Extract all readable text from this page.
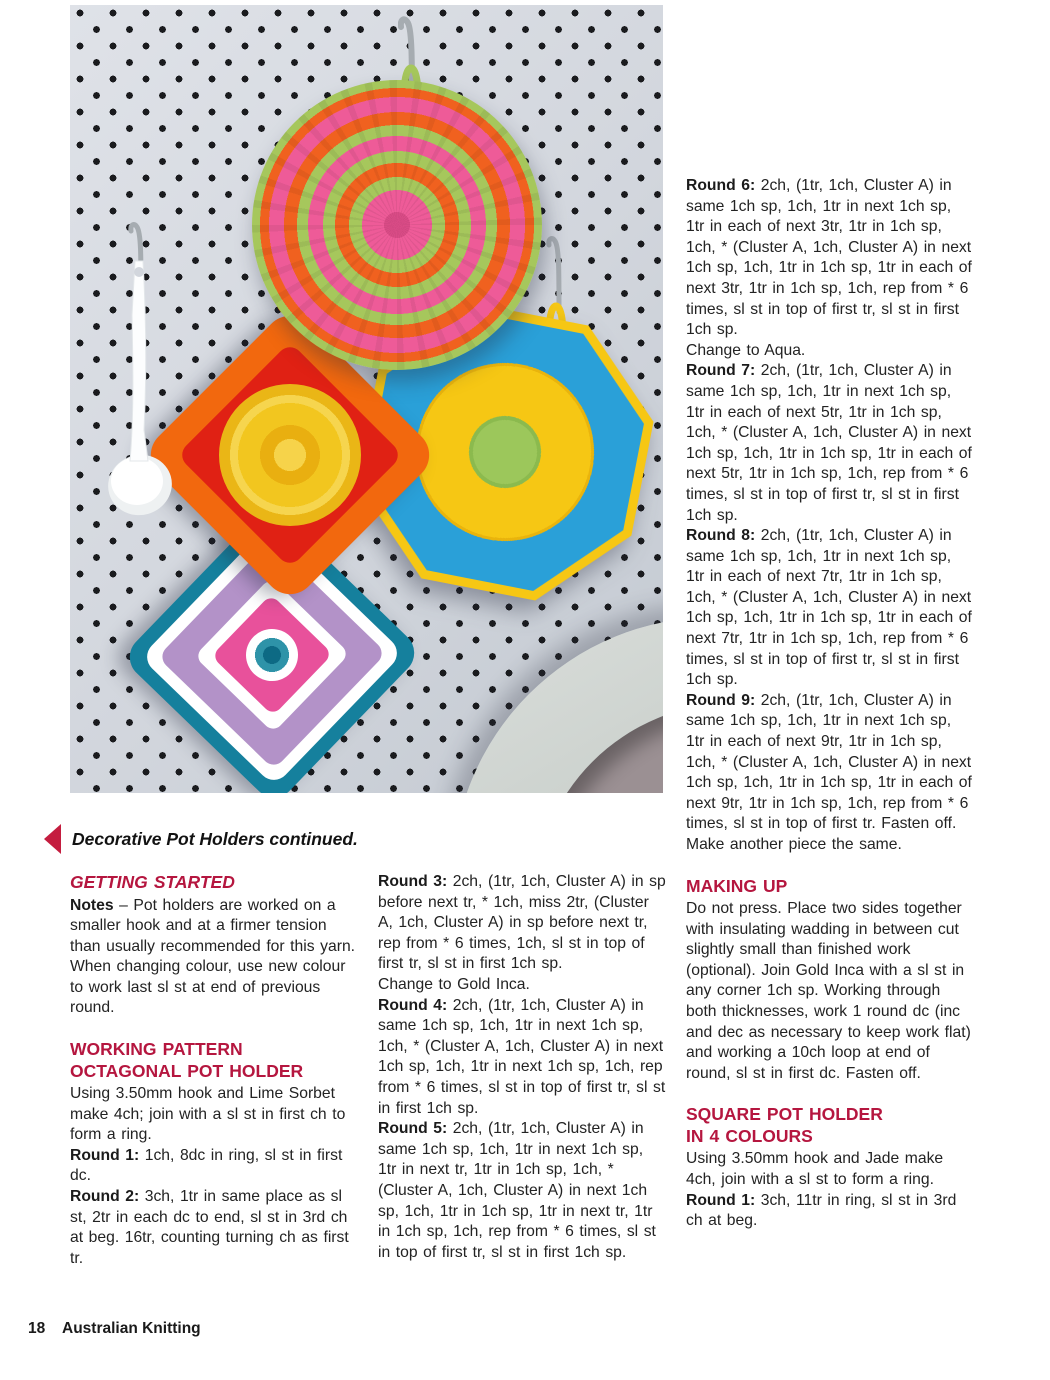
Decorative Pot Holders continued.
GETTING STARTED

Notes – Pot holders are worked on a smaller hook and at a firmer tension than usually recommended for this yarn. When changing colour, use new colour to work last sl st at end of previous round.

WORKING PATTERN
OCTAGONAL POT HOLDER

Using 3.50mm hook and Lime Sorbet make 4ch; join with a sl st in first ch to form a ring.

Round 1: 1ch, 8dc in ring, sl st in first dc.

Round 2: 3ch, 1tr in same place as sl st, 2tr in each dc to end, sl st in 3rd ch at beg. 16tr, counting turning ch as first tr.

Round 3: 2ch, (1tr, 1ch, Cluster A) in sp before next tr, * 1ch, miss 2tr, (Cluster A, 1ch, Cluster A) in sp before next tr, rep from * 6 times, 1ch, sl st in top of first tr, sl st in first 1ch sp.

Change to Gold Inca.

Round 4: 2ch, (1tr, 1ch, Cluster A) in same 1ch sp, 1ch, 1tr in next 1ch sp, 1ch, * (Cluster A, 1ch, Cluster A) in next 1ch sp, 1ch, 1tr in next 1ch sp, 1ch, rep from * 6 times, sl st in top of first tr, sl st in first 1ch sp.

Round 5: 2ch, (1tr, 1ch, Cluster A) in same 1ch sp, 1ch, 1tr in next 1ch sp, 1tr in next tr, 1tr in 1ch sp, 1ch, * (Cluster A, 1ch, Cluster A) in next 1ch sp, 1ch, 1tr in 1ch sp, 1tr in next tr, 1tr in 1ch sp, 1ch, rep from * 6 times, sl st in top of first tr, sl st in first 1ch sp.

Round 6: 2ch, (1tr, 1ch, Cluster A) in same 1ch sp, 1ch, 1tr in next 1ch sp, 1tr in each of next 3tr, 1tr in 1ch sp, 1ch, * (Cluster A, 1ch, Cluster A) in next 1ch sp, 1ch, 1tr in 1ch sp, 1tr in each of next 3tr, 1tr in 1ch sp, 1ch, rep from * 6 times, sl st in top of first tr, sl st in first 1ch sp.

Change to Aqua.

Round 7: 2ch, (1tr, 1ch, Cluster A) in same 1ch sp, 1ch, 1tr in next 1ch sp, 1tr in each of next 5tr, 1tr in 1ch sp, 1ch, * (Cluster A, 1ch, Cluster A) in next 1ch sp, 1ch, 1tr in 1ch sp, 1tr in each of next 5tr, 1tr in 1ch sp, 1ch, rep from * 6 times, sl st in top of first tr, sl st in first 1ch sp.

Round 8: 2ch, (1tr, 1ch, Cluster A) in same 1ch sp, 1ch, 1tr in next 1ch sp, 1tr in each of next 7tr, 1tr in 1ch sp, 1ch, * (Cluster A, 1ch, Cluster A) in next 1ch sp, 1ch, 1tr in 1ch sp, 1tr in each of next 7tr, 1tr in 1ch sp, 1ch, rep from * 6 times, sl st in top of first tr, sl st in first 1ch sp.

Round 9: 2ch, (1tr, 1ch, Cluster A) in same 1ch sp, 1ch, 1tr in next 1ch sp, 1tr in each of next 9tr, 1tr in 1ch sp, 1ch, * (Cluster A, 1ch, Cluster A) in next 1ch sp, 1ch, 1tr in 1ch sp, 1tr in each of next 9tr, 1tr in 1ch sp, 1ch, rep from * 6 times, sl st in top of first tr. Fasten off.

Make another piece the same.

MAKING UP

Do not press. Place two sides together with insulating wadding in between cut slightly small than finished work (optional). Join Gold Inca with a sl st in any corner 1ch sp. Working through both thicknesses, work 1 round dc (inc and dec as necessary to keep work flat) and working a 10ch loop at end of round, sl st in first dc. Fasten off.

SQUARE POT HOLDER
IN 4 COLOURS

Using 3.50mm hook and Jade make 4ch, join with a sl st to form a ring.

Round 1: 3ch, 11tr in ring, sl st in 3rd ch at beg.

18 Australian Knitting
